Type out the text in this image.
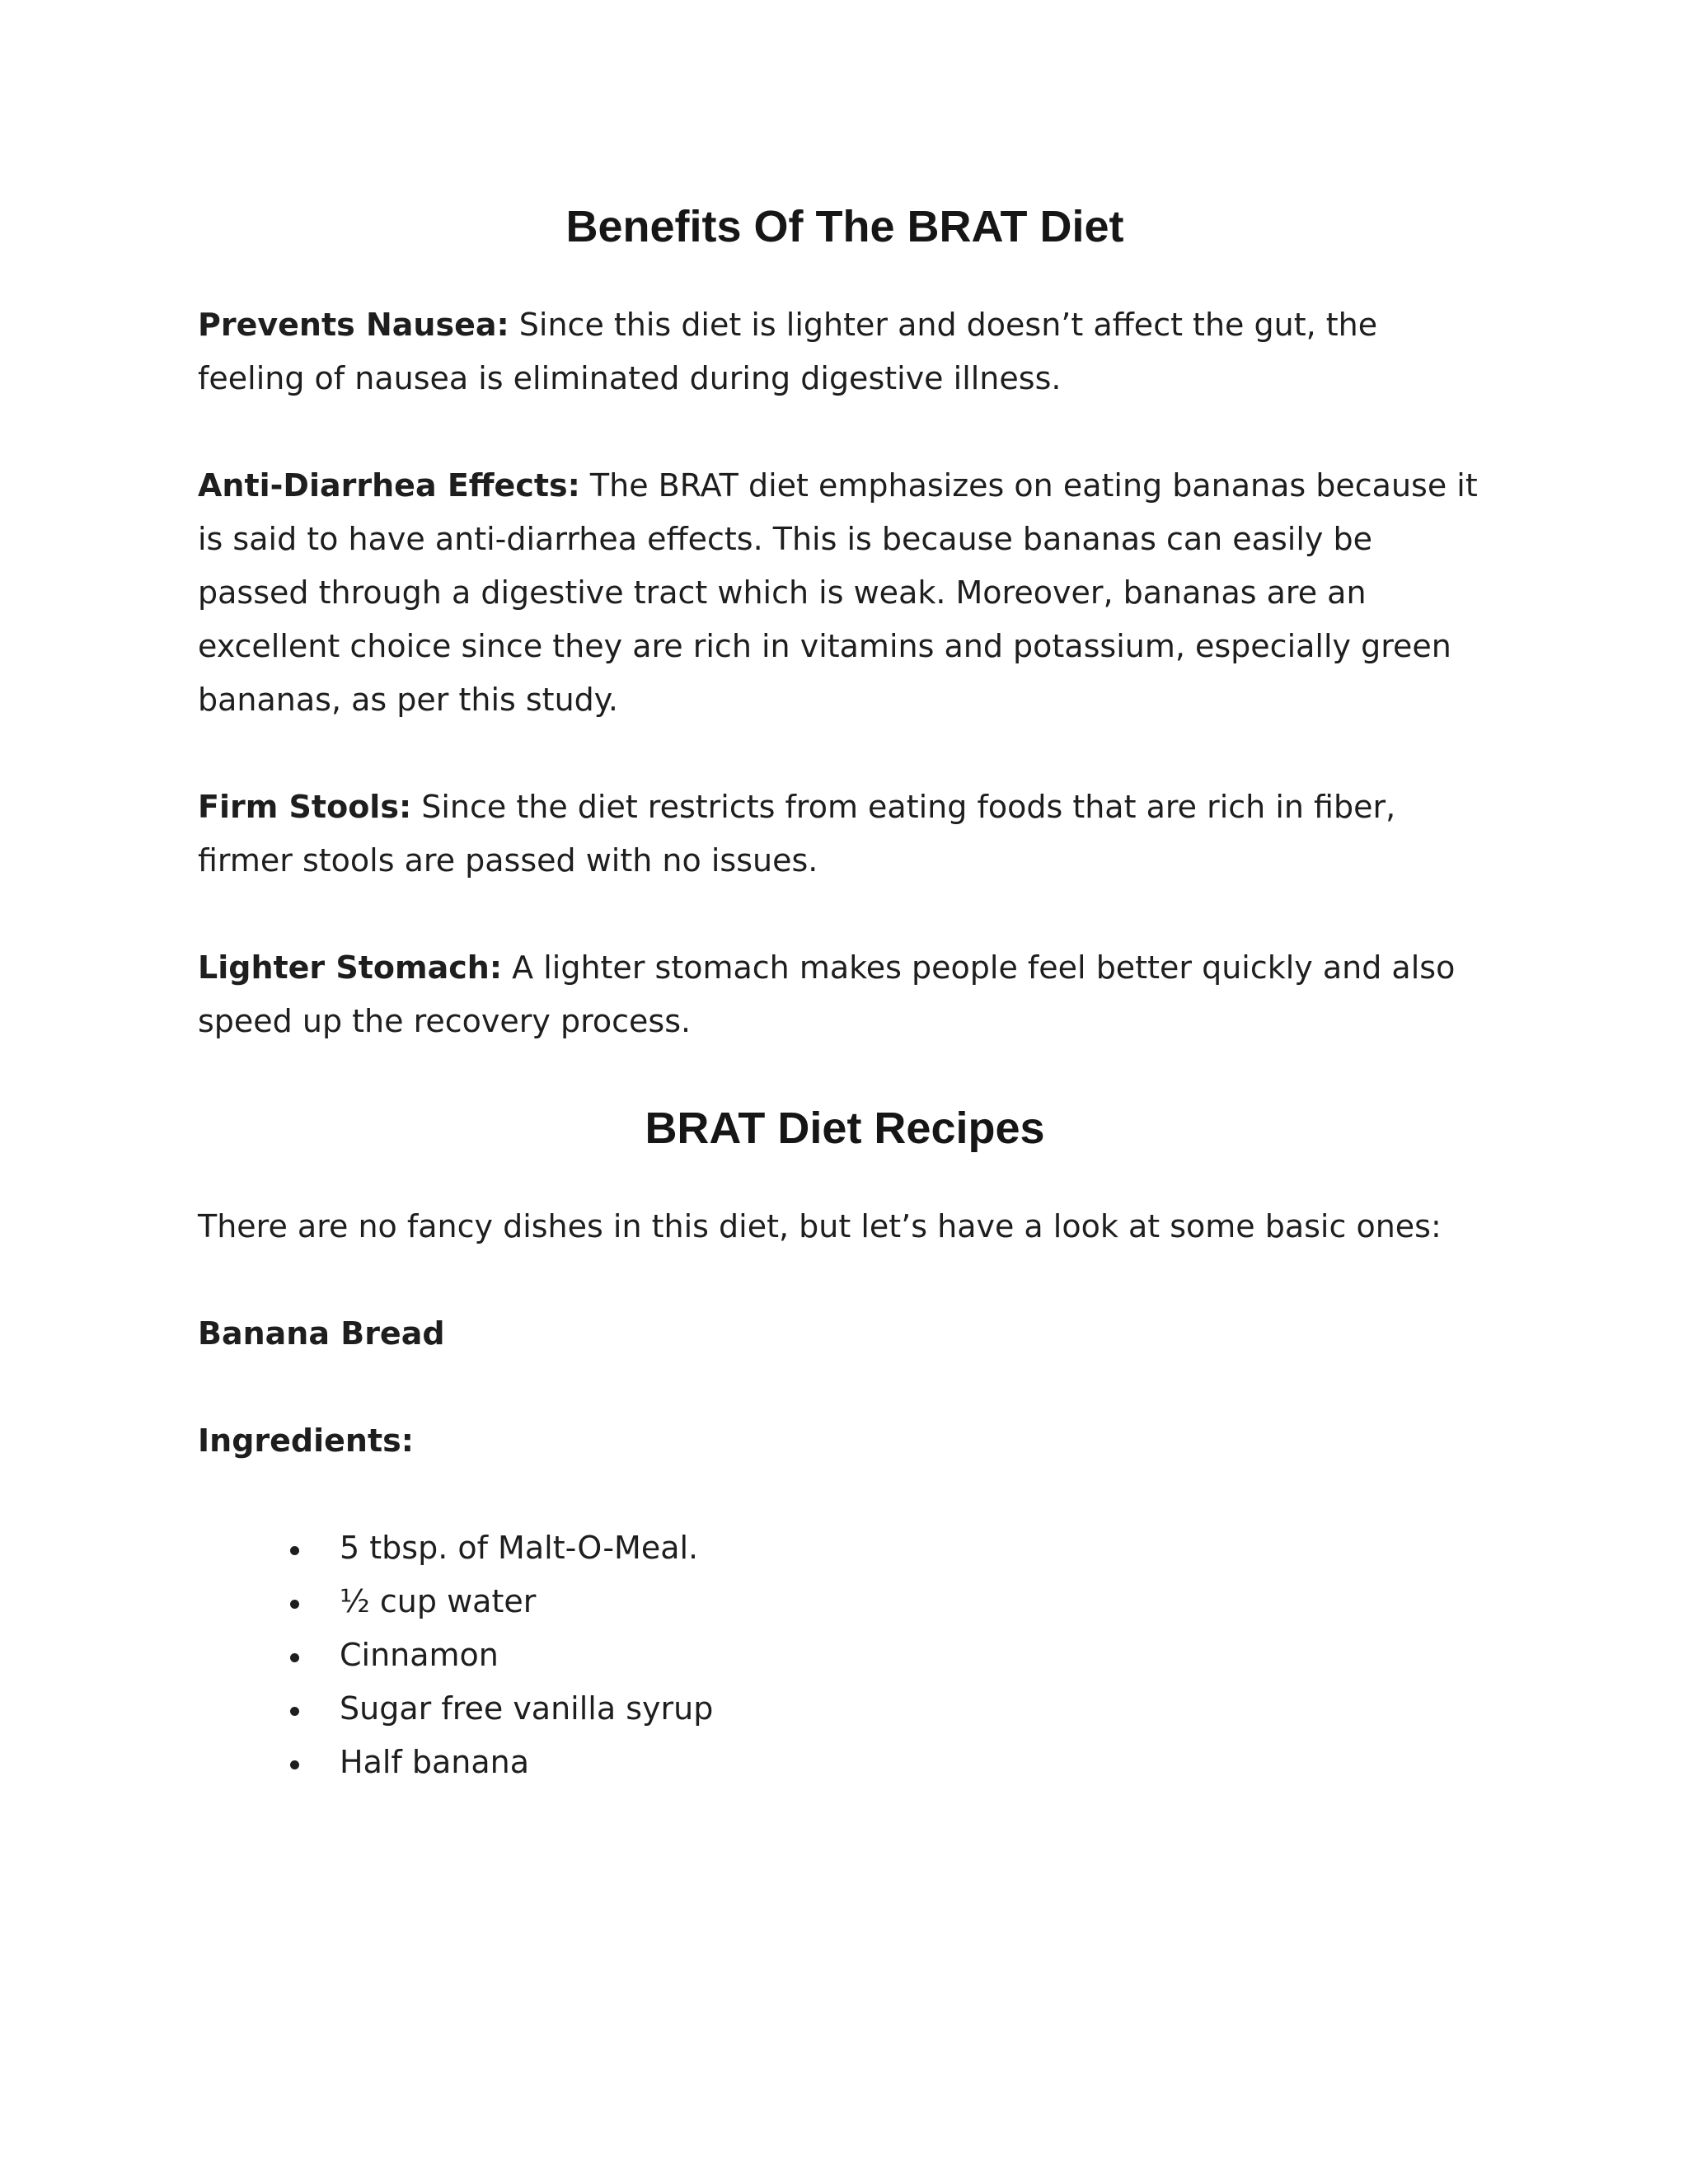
Benefits Of The BRAT Diet

Prevents Nausea: Since this diet is lighter and doesn’t affect the gut, the feeling of nausea is eliminated during digestive illness.

Anti-Diarrhea Effects: The BRAT diet emphasizes on eating bananas because it is said to have anti-diarrhea effects. This is because bananas can easily be passed through a digestive tract which is weak. Moreover, bananas are an excellent choice since they are rich in vitamins and potassium, especially green bananas, as per this study.

Firm Stools: Since the diet restricts from eating foods that are rich in fiber, firmer stools are passed with no issues.

Lighter Stomach: A lighter stomach makes people feel better quickly and also speed up the recovery process.

BRAT Diet Recipes

There are no fancy dishes in this diet, but let’s have a look at some basic ones:

Banana Bread

Ingredients:

5 tbsp. of Malt-O-Meal.
½ cup water
Cinnamon
Sugar free vanilla syrup
Half banana
